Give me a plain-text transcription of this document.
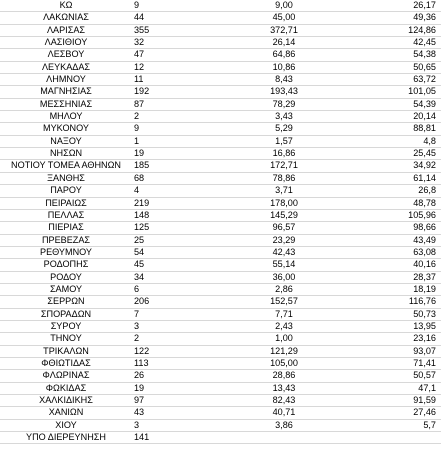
ΚΩ	9	9,00	26,17
ΛΑΚΩΝΙΑΣ	44	45,00	49,36
ΛΑΡΙΣΑΣ	355	372,71	124,86
ΛΑΣΙΘΙΟΥ	32	26,14	42,45
ΛΕΣΒΟΥ	47	64,86	54,38
ΛΕΥΚΑΔΑΣ	12	10,86	50,65
ΛΗΜΝΟΥ	11	8,43	63,72
ΜΑΓΝΗΣΙΑΣ	192	193,43	101,05
ΜΕΣΣΗΝΙΑΣ	87	78,29	54,39
ΜΗΛΟΥ	2	3,43	20,14
ΜΥΚΟΝΟΥ	9	5,29	88,81
ΝΑΞΟΥ	1	1,57	4,8
ΝΗΣΩΝ	19	16,86	25,45
ΝΟΤΙΟΥ ΤΟΜΕΑ ΑΘΗΝΩΝ	185	172,71	34,92
ΞΑΝΘΗΣ	68	78,86	61,14
ΠΑΡΟΥ	4	3,71	26,8
ΠΕΙΡΑΙΩΣ	219	178,00	48,78
ΠΕΛΛΑΣ	148	145,29	105,96
ΠΙΕΡΙΑΣ	125	96,57	98,66
ΠΡΕΒΕΖΑΣ	25	23,29	43,49
ΡΕΘΥΜΝΟΥ	54	42,43	63,08
ΡΟΔΟΠΗΣ	45	55,14	40,16
ΡΟΔΟΥ	34	36,00	28,37
ΣΑΜΟΥ	6	2,86	18,19
ΣΕΡΡΩΝ	206	152,57	116,76
ΣΠΟΡΑΔΩΝ	7	7,71	50,73
ΣΥΡΟΥ	3	2,43	13,95
ΤΗΝΟΥ	2	1,00	23,16
ΤΡΙΚΑΛΩΝ	122	121,29	93,07
ΦΘΙΩΤΙΔΑΣ	113	105,00	71,41
ΦΛΩΡΙΝΑΣ	26	28,86	50,57
ΦΩΚΙΔΑΣ	19	13,43	47,1
ΧΑΛΚΙΔΙΚΗΣ	97	82,43	91,59
ΧΑΝΙΩΝ	43	40,71	27,46
ΧΙΟΥ	3	3,86	5,7
ΥΠΟ ΔΙΕΡΕΥΝΗΣΗ	141		
